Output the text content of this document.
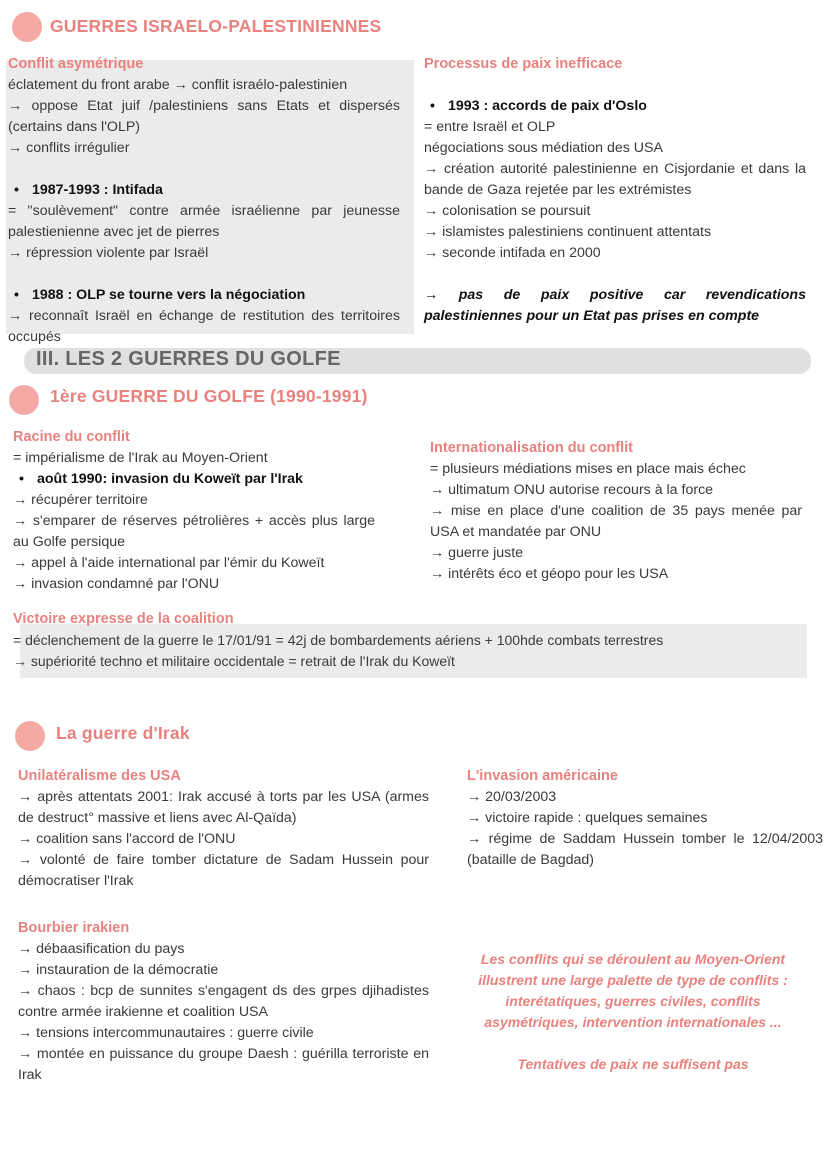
GUERRES ISRAELO-PALESTINIENNES
Conflit asymétrique

éclatement du front arabe → conflit israélo-palestinien

→ oppose Etat juif /palestiniens sans Etats et dispersés (certains dans l'OLP)

→ conflits irrégulier

• 1987-1993 : Intifada

= "soulèvement" contre armée israélienne par jeunesse palestienienne avec jet de pierres

→ répression violente par Israël

• 1988 : OLP se tourne vers la négociation

→ reconnaît Israël en échange de restitution des territoires occupés

Processus de paix inefficace

• 1993 : accords de paix d'Oslo

= entre Israël et OLP

négociations sous médiation des USA

→ création autorité palestinienne en Cisjordanie et dans la bande de Gaza rejetée par les extrémistes

→ colonisation se poursuit

→ islamistes palestiniens continuent attentats

→ seconde intifada en 2000

→ pas de paix positive car revendications palestiniennes pour un Etat pas prises en compte

III. LES 2 GUERRES DU GOLFE
1ère GUERRE DU GOLFE (1990-1991)
Racine du conflit

= impérialisme de l'Irak au Moyen-Orient

• août 1990: invasion du Koweït par l'Irak

→ récupérer territoire

→ s'emparer de réserves pétrolières + accès plus large au Golfe persique

→ appel à l'aide international par l'émir du Koweït

→ invasion condamné par l'ONU

Internationalisation du conflit

= plusieurs médiations mises en place mais échec

→ ultimatum ONU autorise recours à la force

→ mise en place d'une coalition de 35 pays menée par USA et mandatée par ONU

→ guerre juste

→ intérêts éco et géopo pour les USA

Victoire expresse de la coalition

= déclenchement de la guerre le 17/01/91 = 42j de bombardements aériens + 100hde combats terrestres

→ supériorité techno et militaire occidentale = retrait de l'Irak du Koweït

La guerre d'Irak
Unilatéralisme des USA

→ après attentats 2001: Irak accusé à torts par les USA (armes de destruct° massive et liens avec Al-Qaïda)

→ coalition sans l'accord de l'ONU

→ volonté de faire tomber dictature de Sadam Hussein pour démocratiser l'Irak

L'invasion américaine

→ 20/03/2003

→ victoire rapide : quelques semaines

→ régime de Saddam Hussein tomber le 12/04/2003 (bataille de Bagdad)

Bourbier irakien

→ débaasification du pays

→ instauration de la démocratie

→ chaos : bcp de sunnites s'engagent ds des grpes djihadistes contre armée irakienne et coalition USA

→ tensions intercommunautaires : guerre civile

→ montée en puissance du groupe Daesh : guérilla terroriste en Irak

Les conflits qui se déroulent au Moyen-Orient illustrent une large palette de type de conflits : interétatiques, guerres civiles, conflits asymétriques, intervention internationales ...

Tentatives de paix ne suffisent pas
